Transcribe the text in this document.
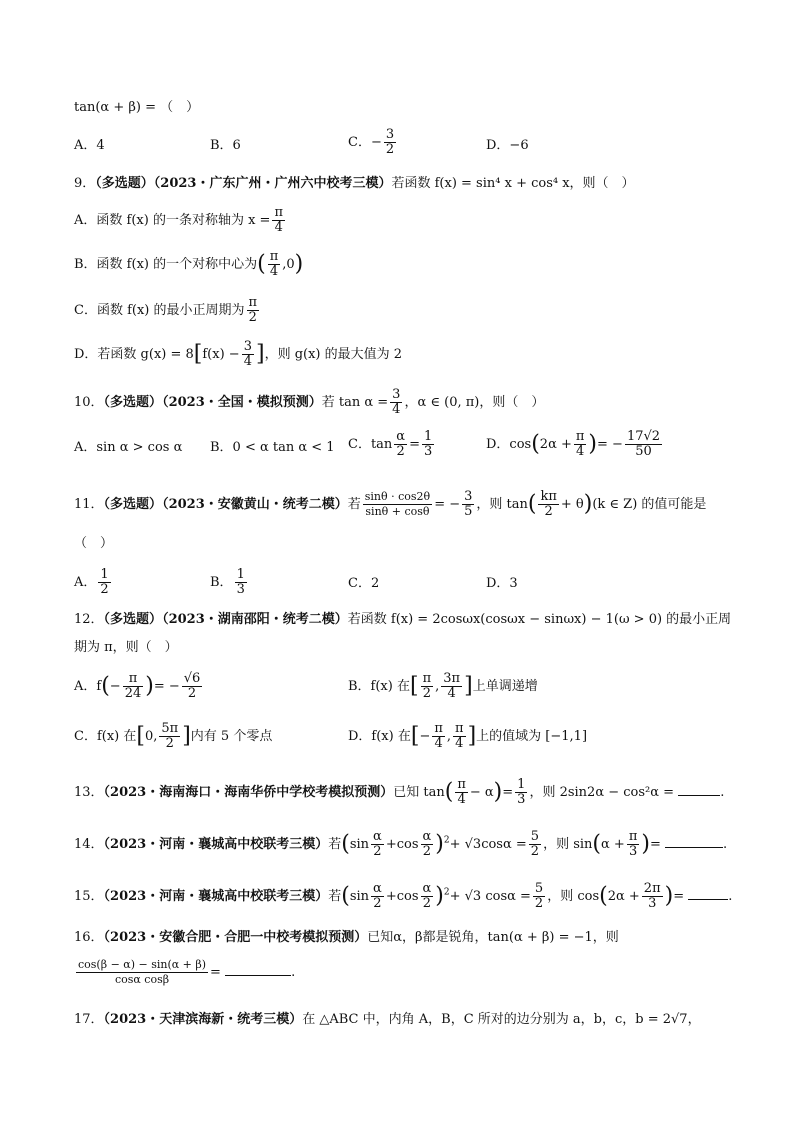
tan(α + β) = （　）
A．4	B．6	C．− $\frac{3}{2}$	D．−6
9．（多选题）（2023・广东广州・广州六中校考三模）若函数 f(x) = sin⁴ x + cos⁴ x，则（　）
A．函数 f(x) 的一条对称轴为 $x = \frac{\pi}{4}$
B．函数 f(x) 的一个对称中心为( $\frac{\pi}{4} ,0$)
C．函数 f(x) 的最小正周期为 $\frac{\pi}{2}$
D．若函数 $g(x) = 8[f(x) - \frac{3}{4}$ ]，则 g(x) 的最大值为 2
10．（多选题）（2023・全国・模拟预测）若 $\tan \alpha = \frac{3}{4}$ ，α ∈ (0, π)，则（　）
A．sin α > cos α B．0 < α tan α < 1 C．$\tan \frac{\alpha}{2} = \frac{1}{3}$	D．$\cos(2\alpha + \frac{\pi}{4}$ )= − $\frac{17√2}{50}$
11．（多选题）（2023・安徽黄山・统考二模）若 $\frac{\sin\theta \cdot \cos 2\theta}{\sin\theta + \cos\theta}$ = − $\frac{3}{5}$ ，则 $\tan( \frac{k\pi}{2} + \theta)(k$ ∈ Z) 的值可能是
（　）
A． $\frac{1}{2}$	B． $\frac{1}{3}$	C．2	D．3
12．（多选题）（2023・湖南邵阳・统考二模）若函数 f(x) = 2cosωx(cosωx − sinωx) − 1(ω > 0) 的最小正周
期为 π，则（　）
A．$f(- \frac{\pi}{24}$ )= − $\frac{√6}{2}$	B．f(x) 在[ $\frac{\pi}{2}$ , $\frac{3\pi}{4}$ ]上单调递增
C．f(x) 在[0, $\frac{5\pi}{2}$ ]内有 5 个零点	D．f(x) 在[− $\frac{\pi}{4}$ , $\frac{\pi}{4}$ ]上的值域为 [−1,1]
13．（2023・海南海口・海南华侨中学校考模拟预测）已知 $\tan( \frac{\pi}{4} - \alpha)= \frac{1}{3}$ ，则 2sin2α − cos²α =	.
14．（2023・河南・襄城高中校联考三模）若$(\sin \frac{\alpha}{2} +\cos \frac{\alpha}{2} )^2+ √3\cos\alpha = \frac{5}{2}$ ，则 $\sin(\alpha + \frac{\pi}{3}$ )=	.
15．（2023・河南・襄城高中校联考三模）若$(\sin \frac{\alpha}{2} +\cos \frac{\alpha}{2} )^2+ √3$ $\cos\alpha = \frac{5}{2}$ ，则 $\cos(2\alpha + \frac{2\pi}{3}$ )=	.
16．（2023・安徽合肥・合肥一中校考模拟预测）已知α，β都是锐角，tan(α + β) = −1，则
$\frac{\cos(\beta - \alpha) - \sin(\alpha + \beta)}{\text{cosα cosβ}}$ =	.
17．（2023・天津滨海新・统考三模）在 △ABC 中，内角 A，B，C 所对的边分别为 a，b，c，b = 2√7，
